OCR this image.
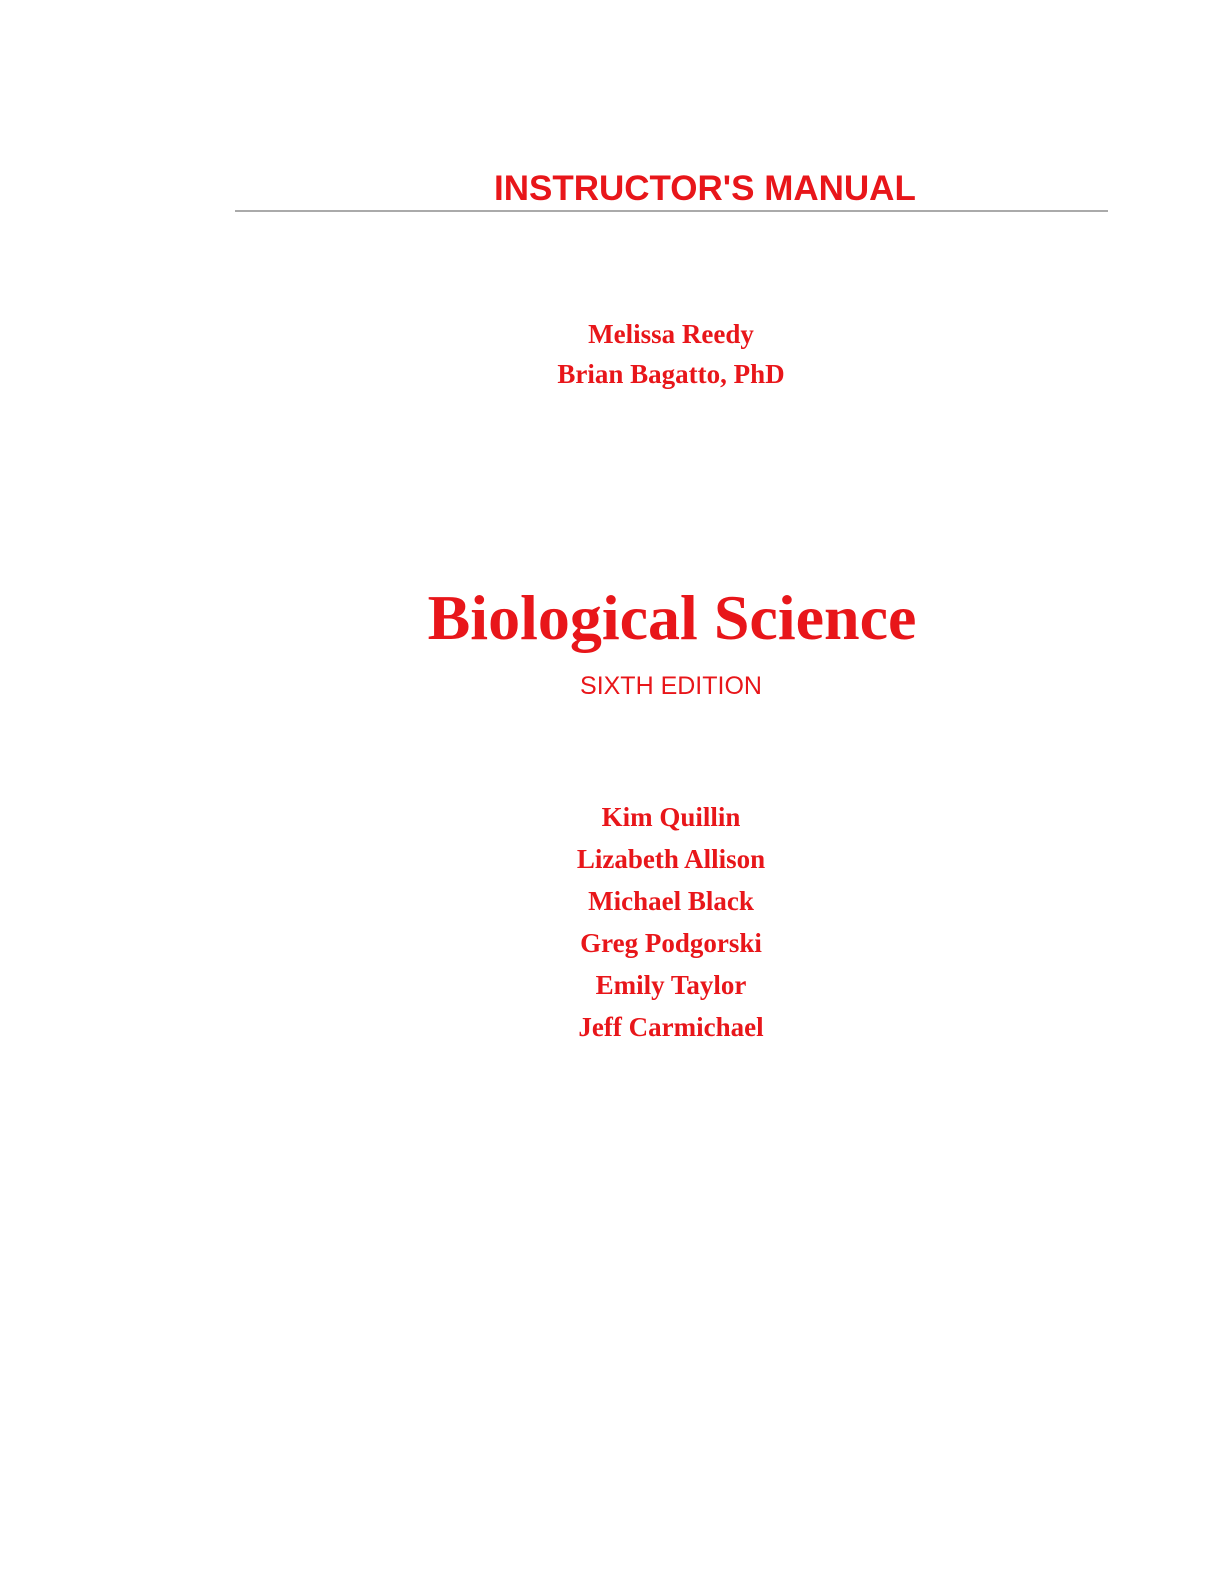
INSTRUCTOR'S MANUAL
Melissa Reedy
Brian Bagatto, PhD
Biological Science
SIXTH EDITION
Kim Quillin
Lizabeth Allison
Michael Black
Greg Podgorski
Emily Taylor
Jeff Carmichael
